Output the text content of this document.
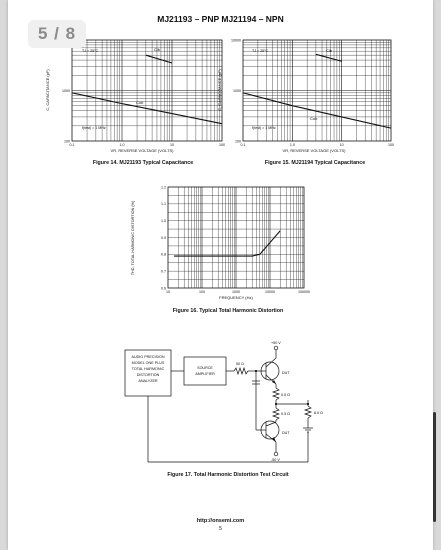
MJ21193 – PNP MJ21194 – NPN
0.1	1.0	10	100
100
1000
C, CAPACITANCE (pF)
VR, REVERSE VOLTAGE (VOLTS)
TJ = 25°C
f(test) = 1 MHz
Cib
Cob
Figure 14. MJ21193 Typical Capacitance
0.1	1.0	10	100
100
1000
10000
C, CAPACITANCE (pF)
VR, REVERSE VOLTAGE (VOLTS)
TJ = 25°C
f(test) = 1 MHz
Cib
Cob
Figure 15. MJ21194 Typical Capacitance
10	100	1000	10000	100000
0.6
0.7
0.8
0.9
1.0
1.1
1.2
THD, TOTAL HARMONIC DISTORTION (%)
FREQUENCY (Hz)
Figure 16. Typical Total Harmonic Distortion
AUDIO PRECISION
MODEL ONE PLUS
TOTAL HARMONIC
DISTORTION
ANALYZER
SOURCE
AMPLIFIER
50 Ω
+50 V
DUT
0.5 Ω
0.5 Ω	8.0 Ω
DUT
-50 V
Figure 17. Total Harmonic Distortion Test Circuit
http://onsemi.com
5
5 / 8
